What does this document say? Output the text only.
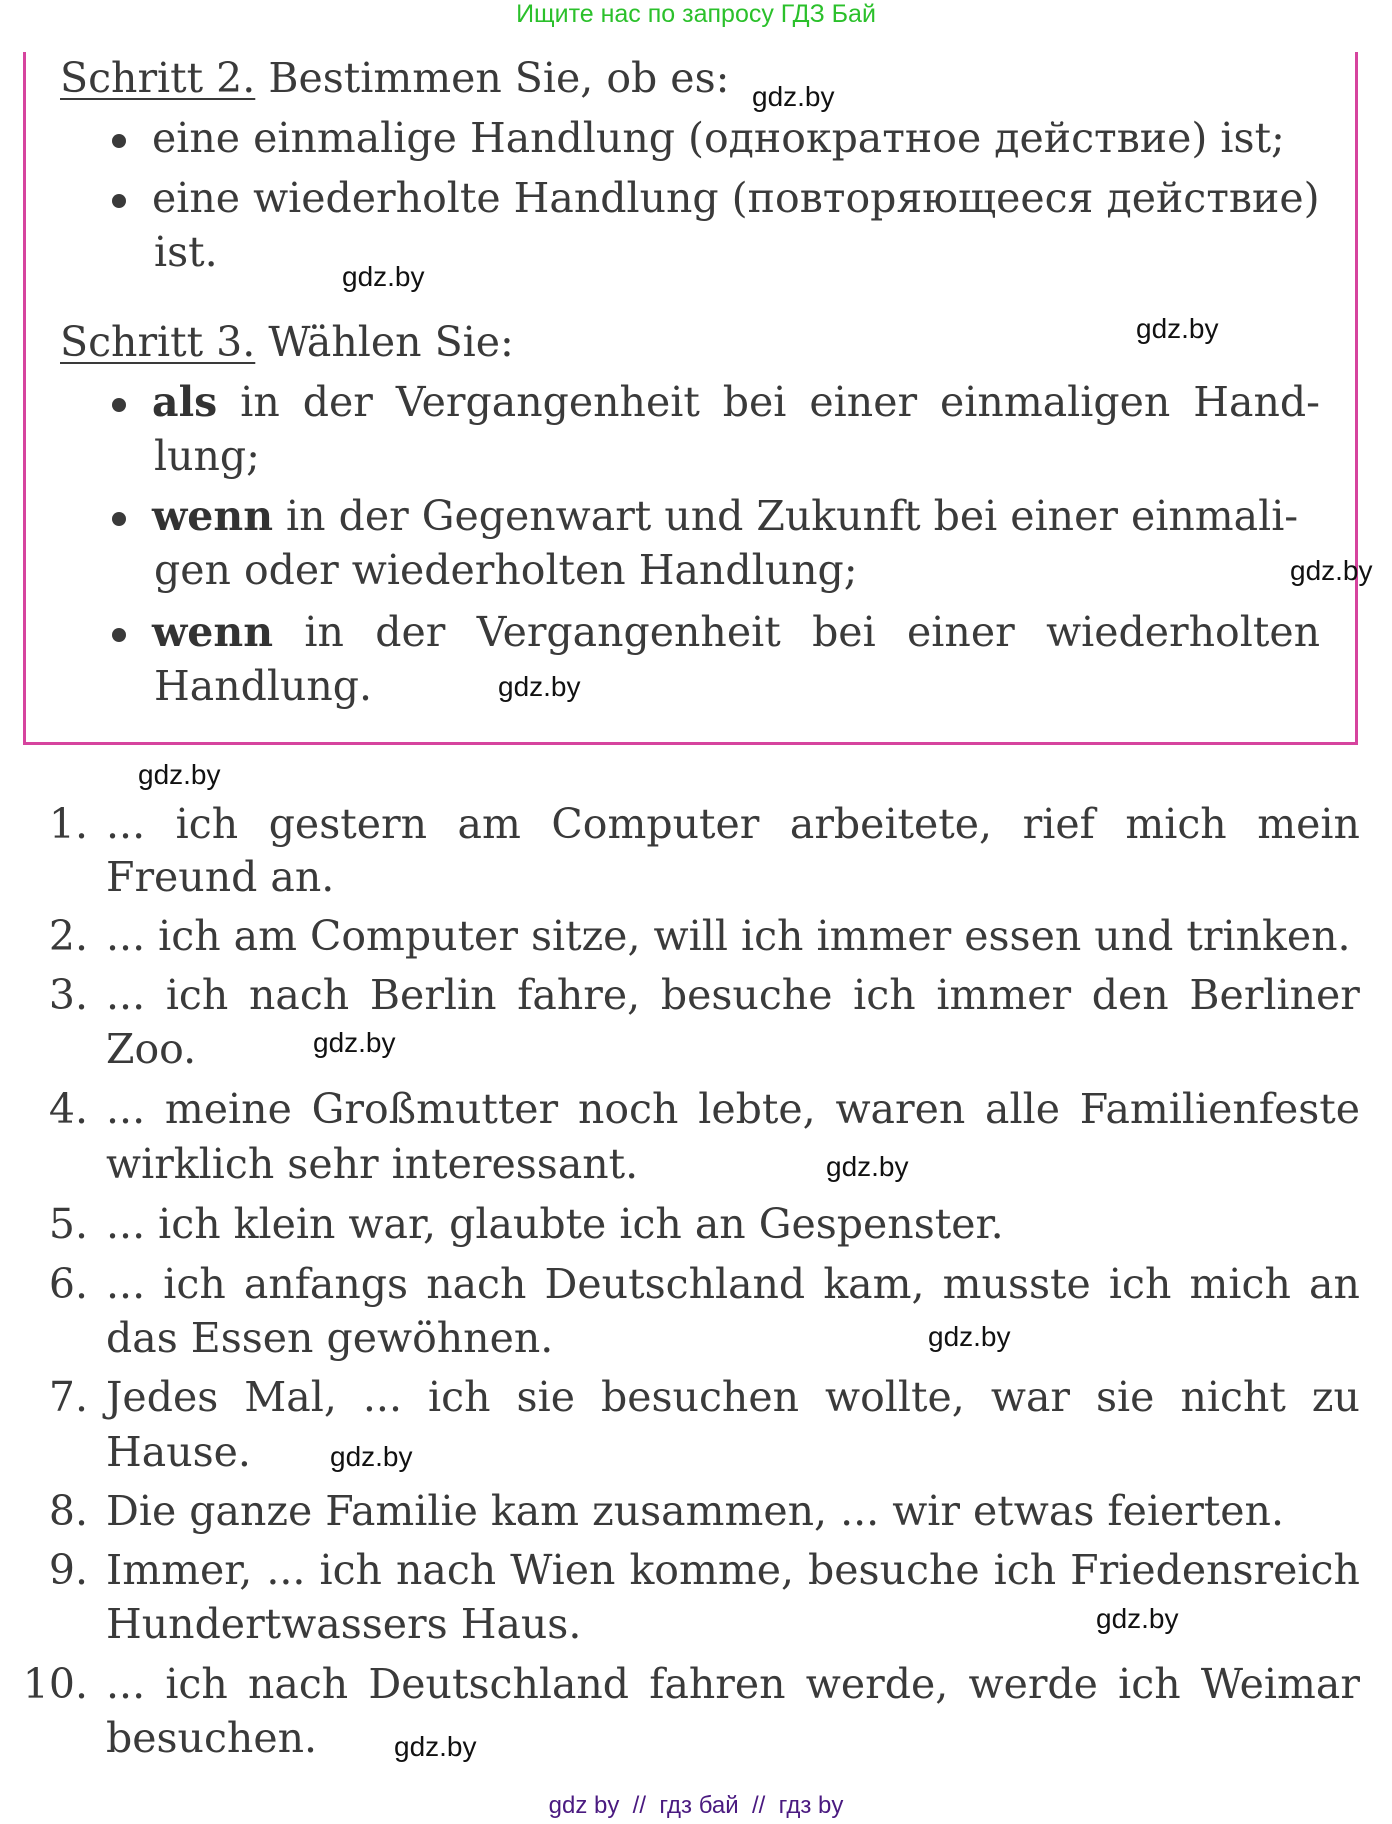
Ищите нас по запросу ГДЗ Бай
Schritt 2. Bestimmen Sie, ob es:
eine einmalige Handlung (однократное действие) ist;
eine wiederholte Handlung (повторяющееся действие)
ist.
Schritt 3. Wählen Sie:
als in der Vergangenheit bei einer einmaligen Hand-
lung;
wenn in der Gegenwart und Zukunft bei einer einmali-
gen oder wiederholten Handlung;
wenn in der Vergangenheit bei einer wiederholten
Handlung.
1. ... ich gestern am Computer arbeitete, rief mich mein
Freund an.
2. ... ich am Computer sitze, will ich immer essen und trinken.
3. ... ich nach Berlin fahre, besuche ich immer den Berliner
Zoo.
4. ... meine Großmutter noch lebte, waren alle Familienfeste
wirklich sehr interessant.
5. ... ich klein war, glaubte ich an Gespenster.
6. ... ich anfangs nach Deutschland kam, musste ich mich an
das Essen gewöhnen.
7. Jedes Mal, ... ich sie besuchen wollte, war sie nicht zu
Hause.
8. Die ganze Familie kam zusammen, ... wir etwas feierten.
9. Immer, ... ich nach Wien komme, besuche ich Friedensreich
Hundertwassers Haus.
10. ... ich nach Deutschland fahren werde, werde ich Weimar
besuchen.
gdz.by
gdz.by
gdz.by
gdz.by
gdz.by
gdz.by
gdz.by
gdz.by
gdz.by
gdz.by
gdz.by
gdz.by
gdz by  //  гдз бай  //  гдз by
